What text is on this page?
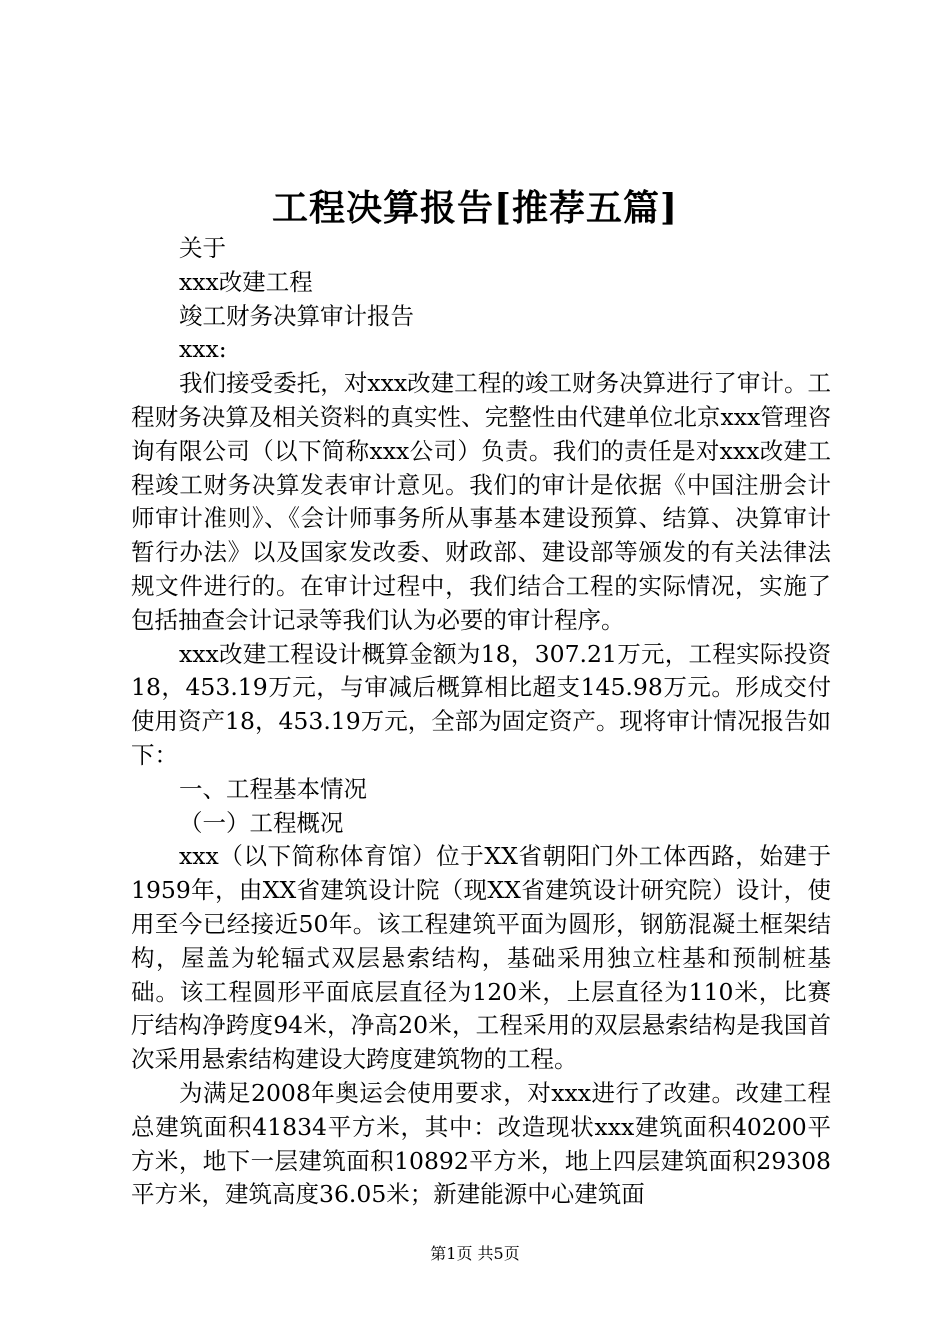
工程决算报告[推荐五篇]

关于

xxx改建工程

竣工财务决算审计报告

xxx:

我们接受委托，对xxx改建工程的竣工财务决算进行了审计。工程财务决算及相关资料的真实性、完整性由代建单位北京xxx管理咨询有限公司（以下简称xxx公司）负责。我们的责任是对xxx改建工程竣工财务决算发表审计意见。我们的审计是依据《中国注册会计师审计准则》、《会计师事务所从事基本建设预算、结算、决算审计暂行办法》以及国家发改委、财政部、建设部等颁发的有关法律法规文件进行的。在审计过程中，我们结合工程的实际情况，实施了包括抽查会计记录等我们认为必要的审计程序。

xxx改建工程设计概算金额为18，307.21万元，工程实际投资18，453.19万元，与审减后概算相比超支145.98万元。形成交付使用资产18，453.19万元，全部为固定资产。现将审计情况报告如下：

一、工程基本情况

（一）工程概况

xxx（以下简称体育馆）位于XX省朝阳门外工体西路，始建于1959年，由XX省建筑设计院（现XX省建筑设计研究院）设计，使用至今已经接近50年。该工程建筑平面为圆形，钢筋混凝土框架结构，屋盖为轮辐式双层悬索结构，基础采用独立柱基和预制桩基础。该工程圆形平面底层直径为120米，上层直径为110米，比赛厅结构净跨度94米，净高20米，工程采用的双层悬索结构是我国首次采用悬索结构建设大跨度建筑物的工程。

为满足2008年奥运会使用要求，对xxx进行了改建。改建工程总建筑面积41834平方米，其中：改造现状xxx建筑面积40200平方米，地下一层建筑面积10892平方米，地上四层建筑面积29308平方米，建筑高度36.05米；新建能源中心建筑面

第1页 共5页
